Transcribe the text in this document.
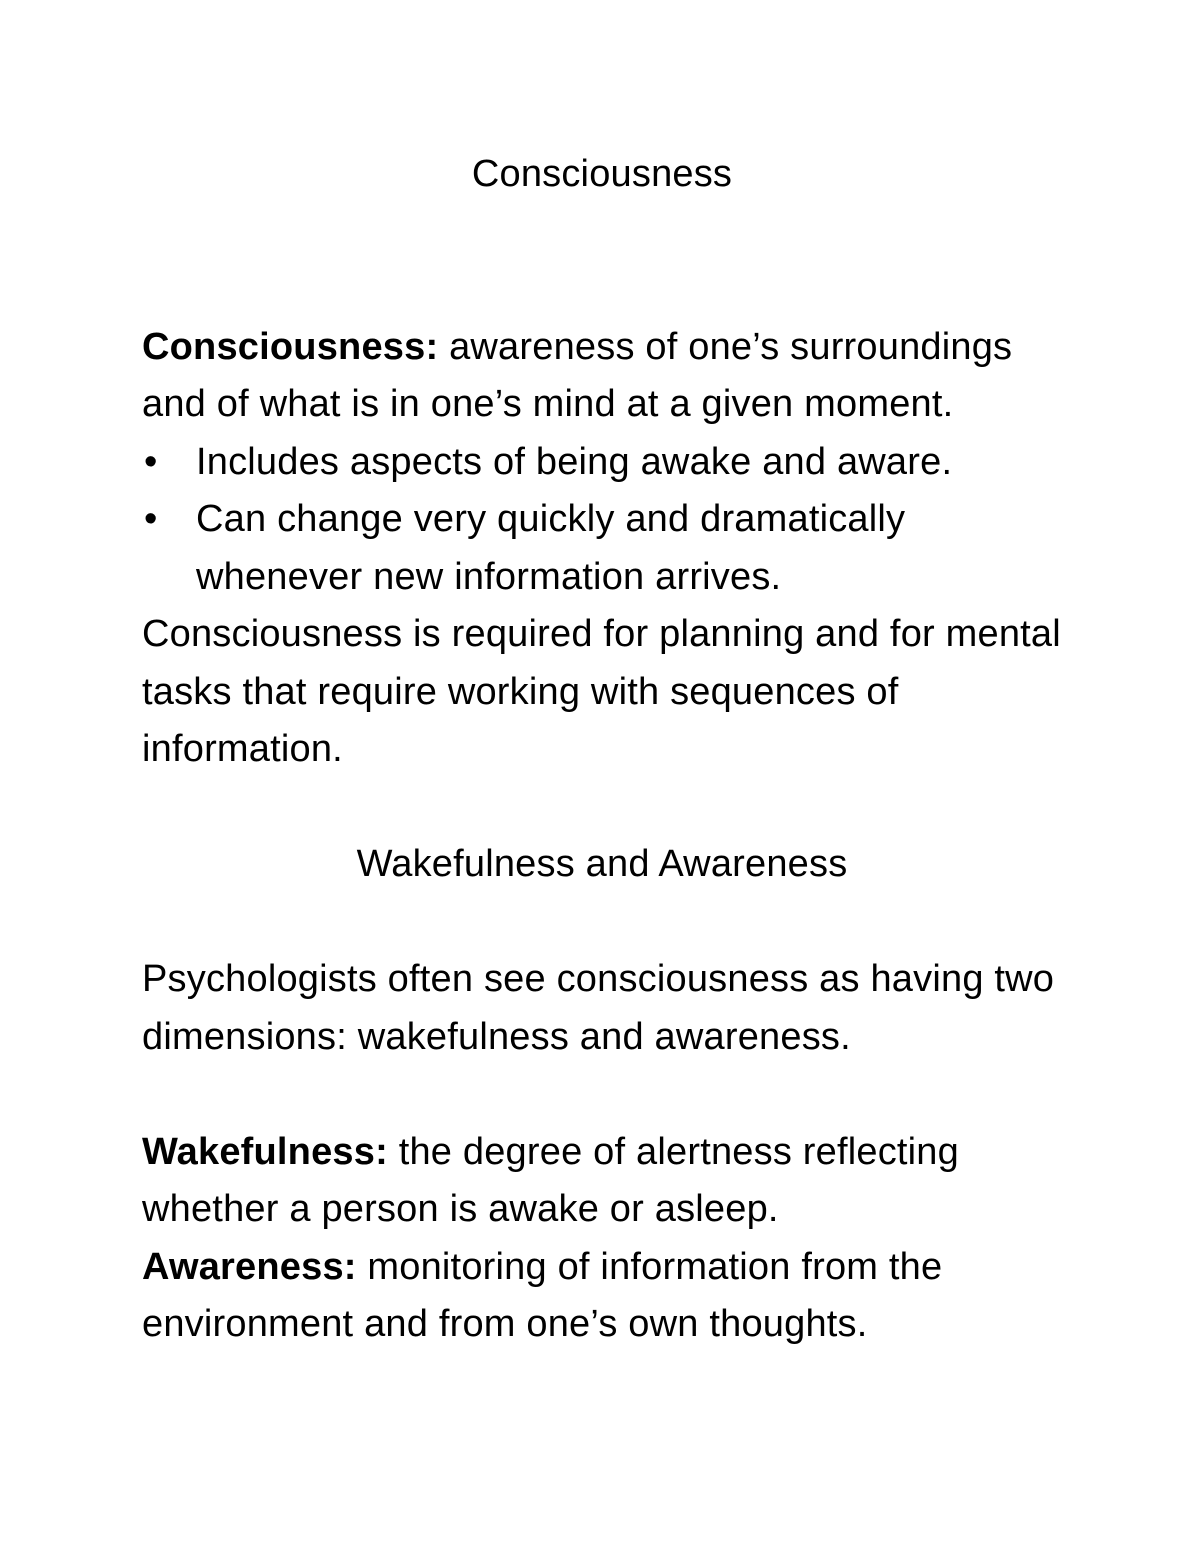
Consciousness

Consciousness: awareness of one’s surroundings and of what is in one’s mind at a given moment.

•	Includes aspects of being awake and aware.
•	Can change very quickly and dramatically whenever new information arrives.

Consciousness is required for planning and for mental tasks that require working with sequences of information.

Wakefulness and Awareness

Psychologists often see consciousness as having two dimensions: wakefulness and awareness.

Wakefulness: the degree of alertness reflecting whether a person is awake or asleep.

Awareness: monitoring of information from the environment and from one’s own thoughts.
